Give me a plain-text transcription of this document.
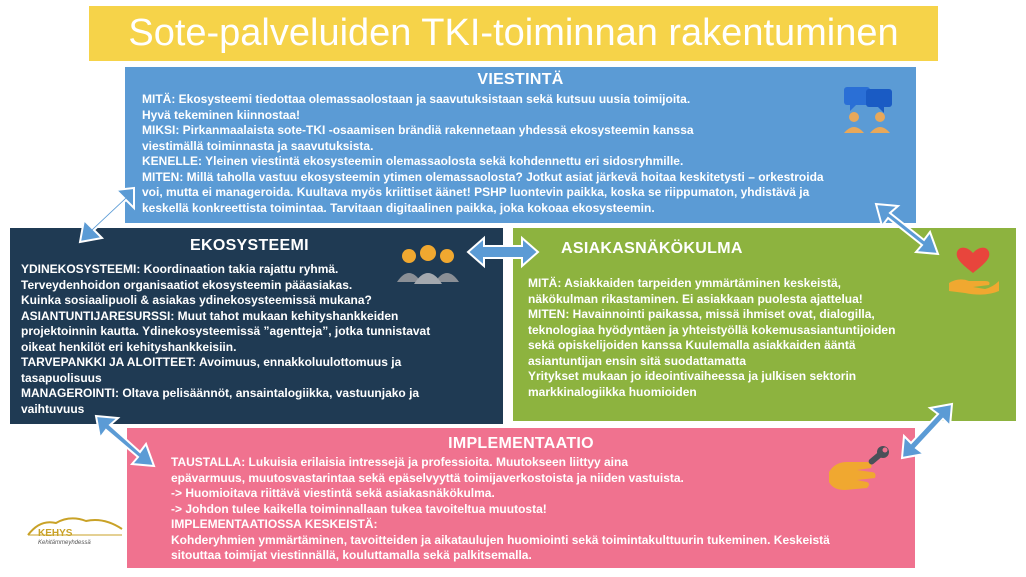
Sote-palveluiden TKI-toiminnan rakentuminen
VIESTINTÄ
MITÄ: Ekosysteemi tiedottaa olemassaolostaan ja saavutuksistaan sekä kutsuu uusia toimijoita.
Hyvä tekeminen kiinnostaa!
MIKSI: Pirkanmaalaista sote-TKI -osaamisen brändiä rakennetaan yhdessä ekosysteemin kanssa
viestimällä toiminnasta ja saavutuksista.
KENELLE: Yleinen viestintä ekosysteemin olemassaolosta sekä kohdennettu eri sidosryhmille.
MITEN: Millä taholla vastuu ekosysteemin ytimen olemassaolosta? Jotkut asiat järkevä hoitaa keskitetysti – orkestroida
voi, mutta ei manageroida. Kuultava myös kriittiset äänet! PSHP luontevin paikka, koska se riippumaton, yhdistävä ja
keskellä konkreettista toimintaa. Tarvitaan digitaalinen paikka, joka kokoaa ekosysteemin.
EKOSYSTEEMI
YDINEKOSYSTEEMI: Koordinaation takia rajattu ryhmä.
Terveydenhoidon organisaatiot ekosysteemin pääasiakas.
Kuinka sosiaalipuoli & asiakas ydinekosysteemissä mukana?
ASIANTUNTIJARESURSSI: Muut tahot mukaan kehityshankkeiden
projektoinnin kautta. Ydinekosysteemissä ”agentteja”, jotka tunnistavat
oikeat henkilöt eri kehityshankkeisiin.
TARVEPANKKI JA ALOITTEET: Avoimuus, ennakkoluulottomuus ja
tasapuolisuus
MANAGEROINTI: Oltava pelisäännöt, ansaintalogiikka, vastuunjako ja
vaihtuvuus
ASIAKASNÄKÖKULMA
MITÄ: Asiakkaiden tarpeiden ymmärtäminen keskeistä,
näkökulman rikastaminen. Ei asiakkaan puolesta ajattelua!
MITEN: Havainnointi paikassa, missä ihmiset ovat, dialogilla,
teknologiaa hyödyntäen ja yhteistyöllä kokemusasiantuntijoiden
sekä opiskelijoiden kanssa Kuulemalla asiakkaiden ääntä
asiantuntijan ensin sitä suodattamatta
Yritykset mukaan jo ideointivaiheessa ja julkisen sektorin
markkinalogiikka huomioiden
IMPLEMENTAATIO
TAUSTALLA: Lukuisia erilaisia intressejä ja professioita. Muutokseen liittyy aina
epävarmuus, muutosvastarintaa sekä epäselvyyttä toimijaverkostoista ja niiden vastuista.
-> Huomioitava riittävä viestintä sekä asiakasnäkökulma.
-> Johdon tulee kaikella toiminnallaan tukea tavoiteltua muutosta!
IMPLEMENTAATIOSSA KESKEISTÄ:
Kohderyhmien ymmärtäminen, tavoitteiden ja aikataulujen huomiointi sekä toimintakulttuurin tukeminen. Keskeistä
sitouttaa toimijat viestinnällä, kouluttamalla sekä palkitsemalla.
KEHYS
Kehitämmeyhdessä
